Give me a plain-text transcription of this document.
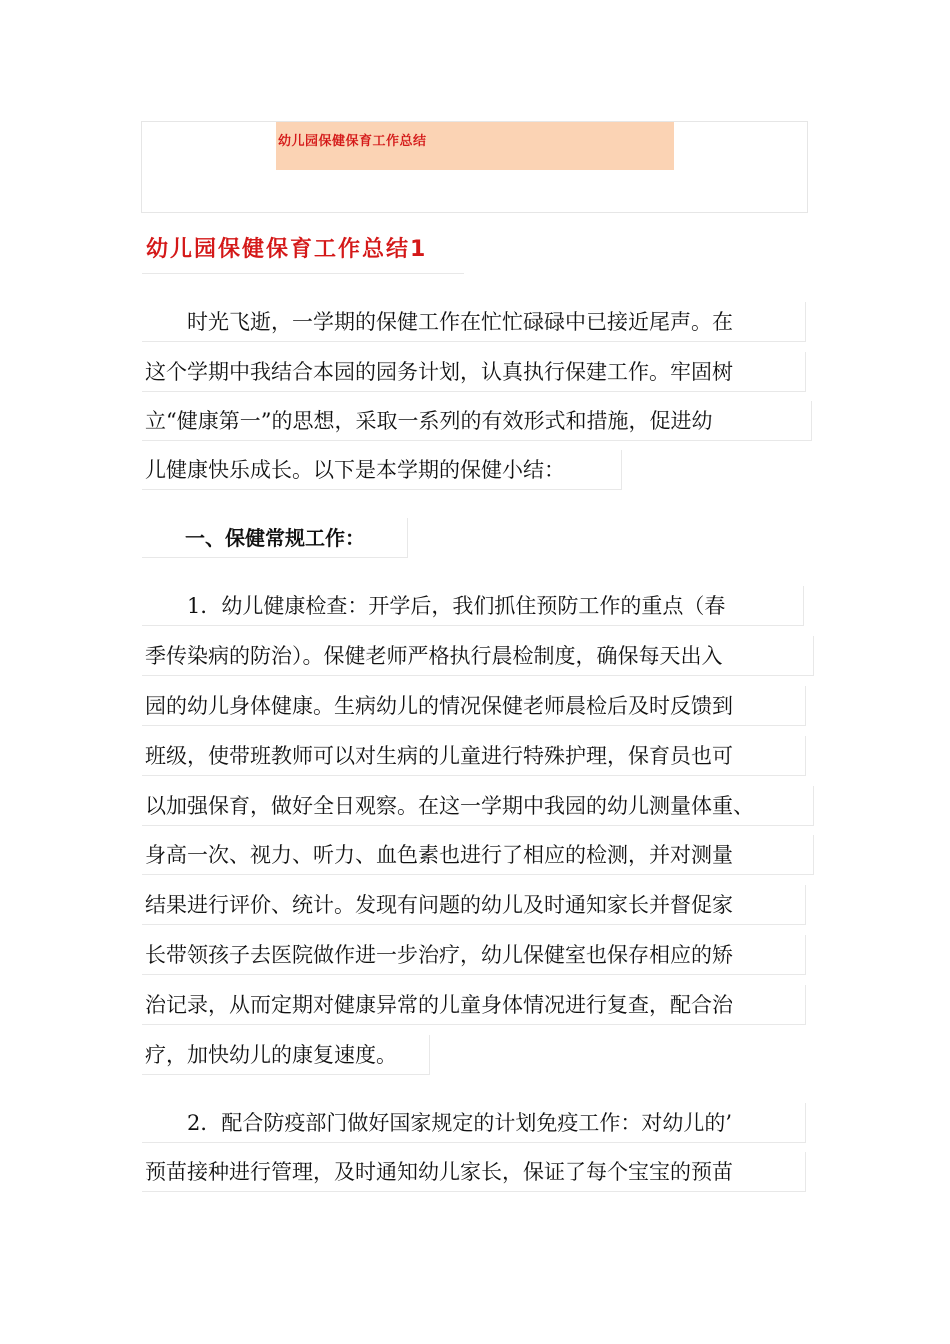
幼儿园保健保育工作总结
幼儿园保健保育工作总结1
　　时光飞逝，一学期的保健工作在忙忙碌碌中已接近尾声。在
这个学期中我结合本园的园务计划，认真执行保建工作。牢固树
立“健康第一”的思想，采取一系列的有效形式和措施，促进幼
儿健康快乐成长。以下是本学期的保健小结：
　　一、保健常规工作：
　　1．幼儿健康检查：开学后，我们抓住预防工作的重点（春
季传染病的防治）。保健老师严格执行晨检制度，确保每天出入
园的幼儿身体健康。生病幼儿的情况保健老师晨检后及时反馈到
班级，使带班教师可以对生病的儿童进行特殊护理，保育员也可
以加强保育，做好全日观察。在这一学期中我园的幼儿测量体重、
身高一次、视力、听力、血色素也进行了相应的检测，并对测量
结果进行评价、统计。发现有问题的幼儿及时通知家长并督促家
长带领孩子去医院做作进一步治疗，幼儿保健室也保存相应的矫
治记录，从而定期对健康异常的儿童身体情况进行复查，配合治
疗，加快幼儿的康复速度。
　　2．配合防疫部门做好国家规定的计划免疫工作：对幼儿的’
预苗接种进行管理，及时通知幼儿家长，保证了每个宝宝的预苗
